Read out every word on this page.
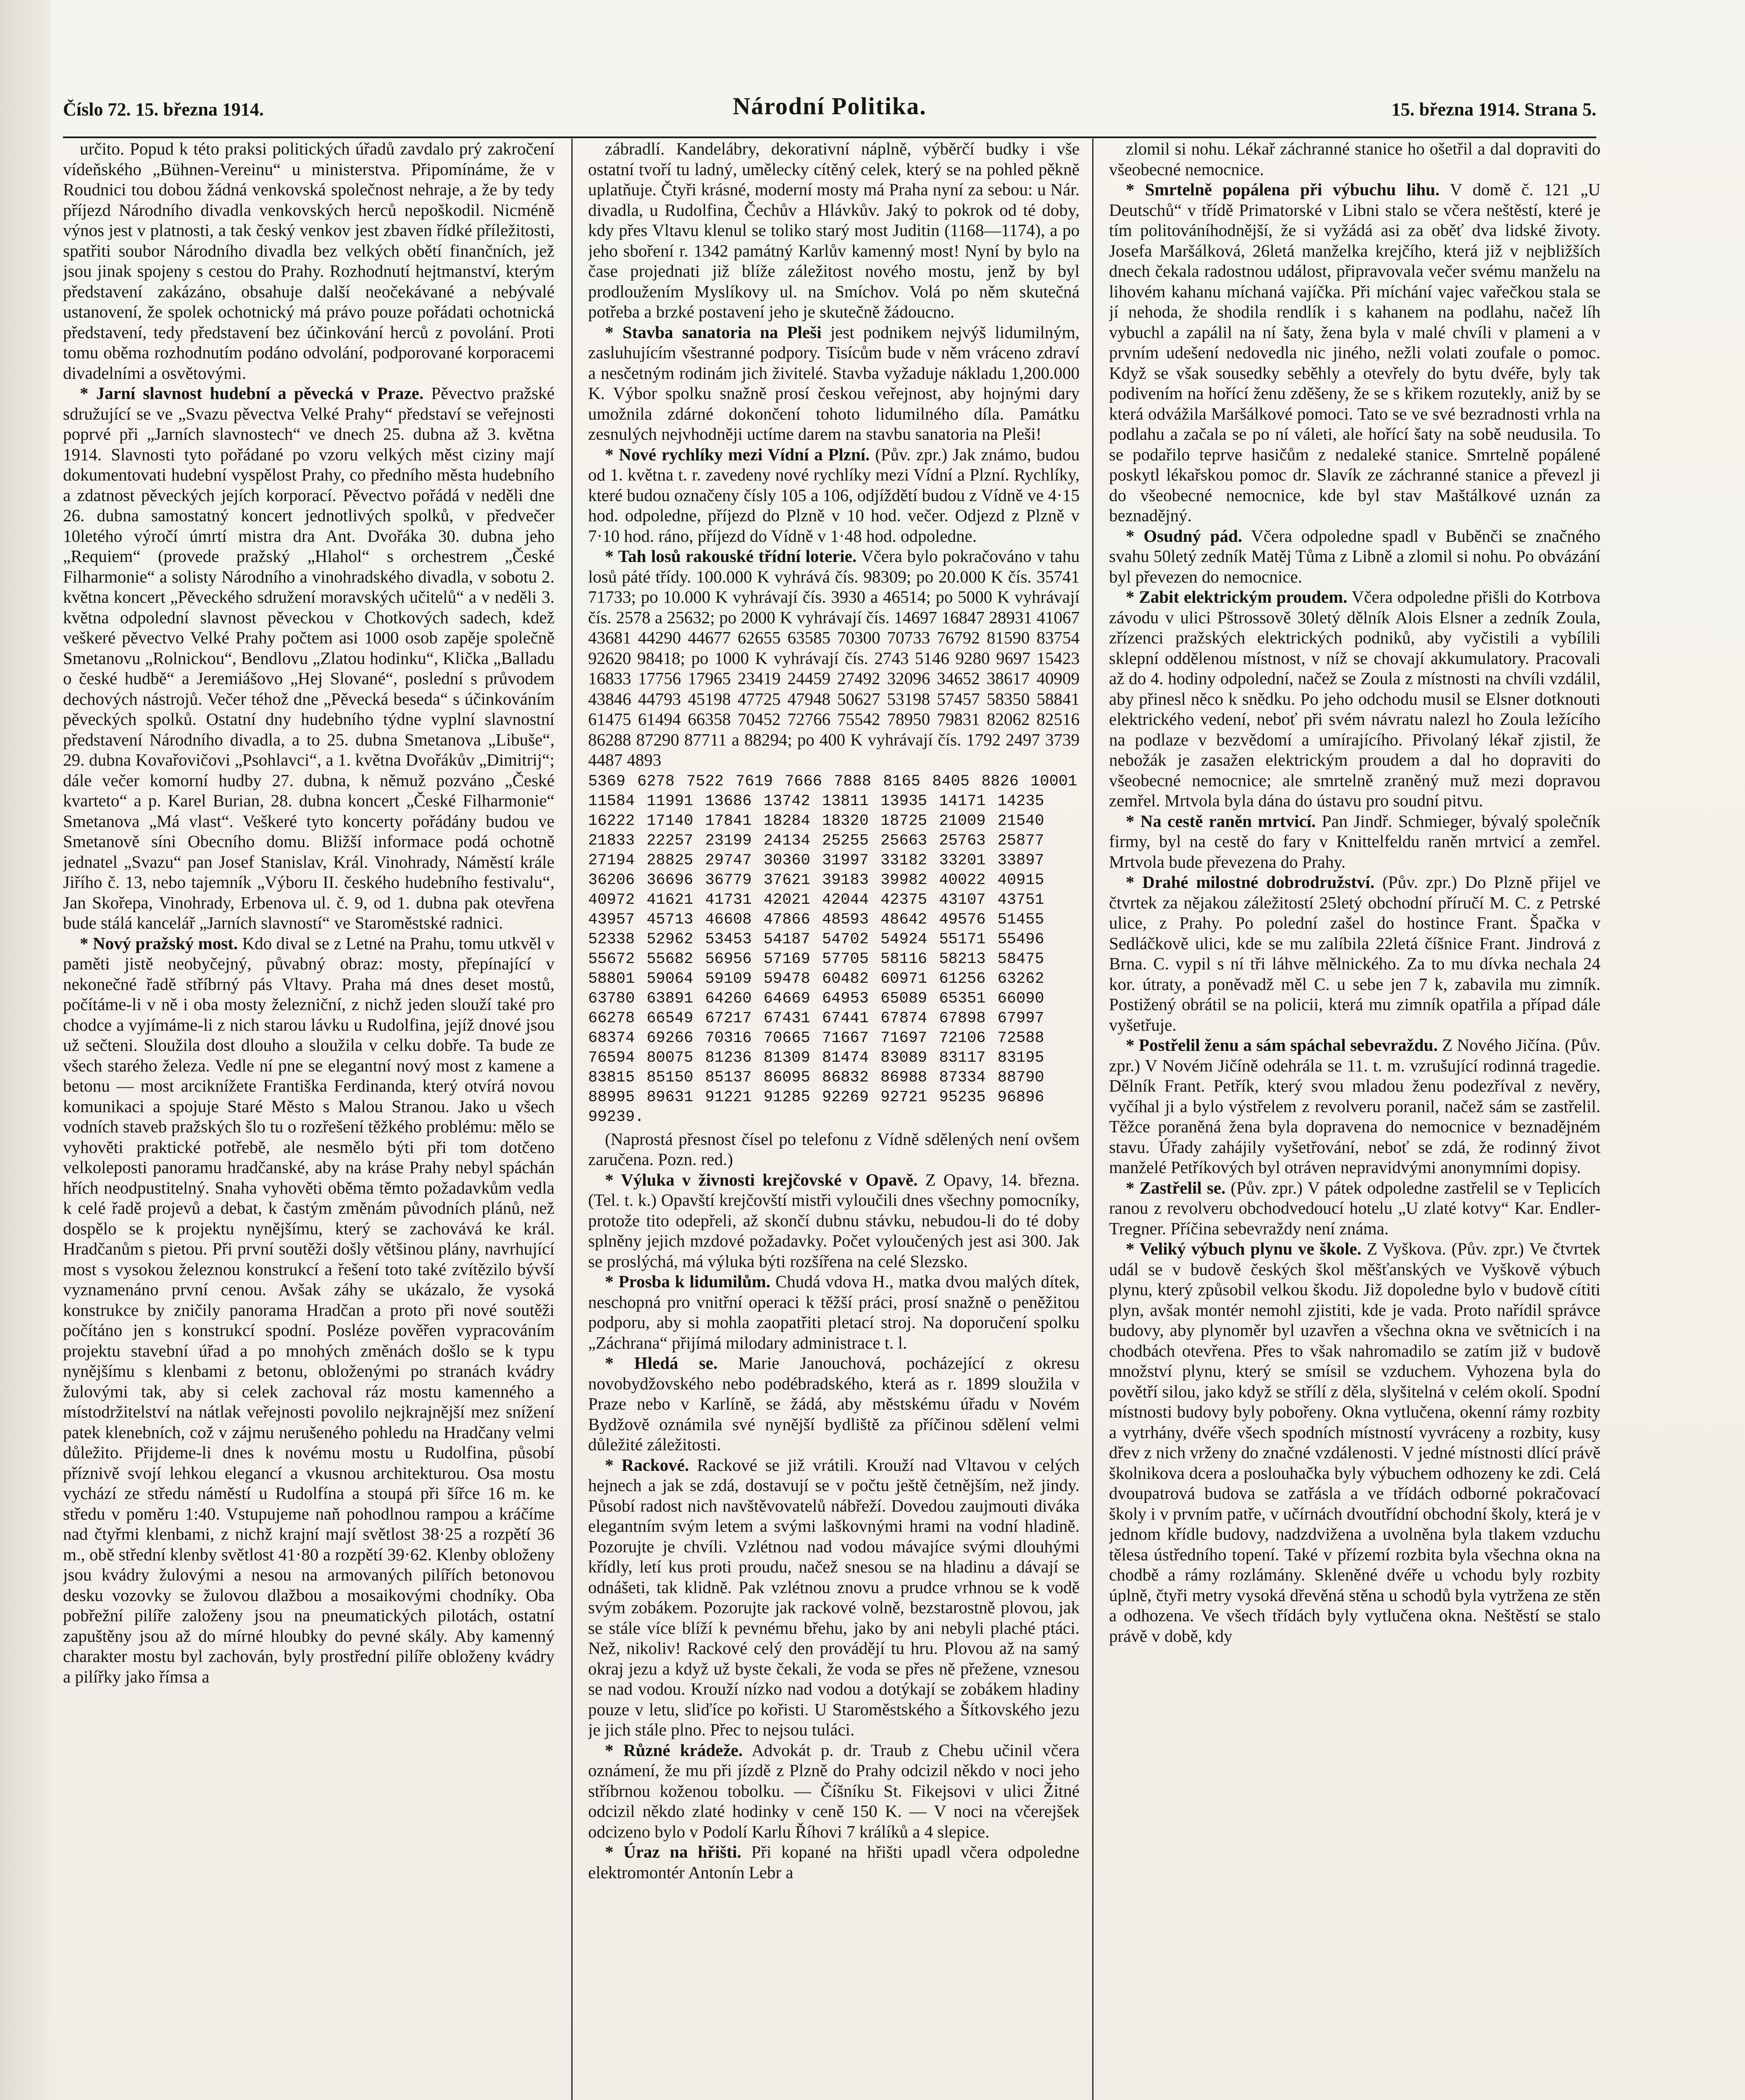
Číslo 72. 15. března 1914.	Národní Politika.	15. března 1914. Strana 5.

určito. Popud k této praksi politických úřadů zavdalo prý zakročení vídeňského „Bühnen-Vereinu“ u ministerstva. Připomínáme, že v Roudnici tou dobou žádná venkovská společnost nehraje, a že by tedy příjezd Národního divadla venkovských herců nepoškodil. Nicméně výnos jest v platnosti, a tak český venkov jest zbaven řídké příležitosti, spatřiti soubor Národního divadla bez velkých obětí finančních, jež jsou jinak spojeny s cestou do Prahy. Rozhodnutí hejtmanství, kterým představení zakázáno, obsahuje další neočekávané a nebývalé ustanovení, že spolek ochotnický má právo pouze pořádati ochotnická představení, tedy představení bez účinkování herců z povolání. Proti tomu oběma rozhodnutím podáno odvolání, podporované korporacemi divadelními a osvětovými.

* Jarní slavnost hudební a pěvecká v Praze. Pěvectvo pražské sdružující se ve „Svazu pěvectva Velké Prahy“ představí se veřejnosti poprvé při „Jarních slavnostech“ ve dnech 25. dubna až 3. května 1914. Slavnosti tyto pořádané po vzoru velkých měst ciziny mají dokumentovati hudební vyspělost Prahy, co předního města hudebního a zdatnost pěveckých jejích korporací. Pěvectvo pořádá v neděli dne 26. dubna samostatný koncert jednotlivých spolků, v předvečer 10letého výročí úmrtí mistra dra Ant. Dvořáka 30. dubna jeho „Requiem“ (provede pražský „Hlahol“ s orchestrem „České Filharmonie“ a solisty Národního a vinohradského divadla, v sobotu 2. května koncert „Pěveckého sdružení moravských učitelů“ a v neděli 3. května odpolední slavnost pěveckou v Chotkových sadech, kdež veškeré pěvectvo Velké Prahy počtem asi 1000 osob zapěje společně Smetanovu „Rolnickou“, Bendlovu „Zlatou hodinku“, Klička „Balladu o české hudbě“ a Jeremiášovo „Hej Slované“, poslední s průvodem dechových nástrojů. Večer téhož dne „Pěvecká beseda“ s účinkováním pěveckých spolků. Ostatní dny hudebního týdne vyplní slavnostní představení Národního divadla, a to 25. dubna Smetanova „Libuše“, 29. dubna Kovařovičovi „Psohlavci“, a 1. května Dvořákův „Dimitrij“; dále večer komorní hudby 27. dubna, k němuž pozváno „České kvarteto“ a p. Karel Burian, 28. dubna koncert „České Filharmonie“ Smetanova „Má vlast“. Veškeré tyto koncerty pořádány budou ve Smetanově síni Obecního domu. Bližší informace podá ochotně jednatel „Svazu“ pan Josef Stanislav, Král. Vinohrady, Náměstí krále Jiřího č. 13, nebo tajemník „Výboru II. českého hudebního festivalu“, Jan Skořepa, Vinohrady, Erbenova ul. č. 9, od 1. dubna pak otevřena bude stálá kancelář „Jarních slavností“ ve Staroměstské radnici.

* Nový pražský most. Kdo dival se z Letné na Prahu, tomu utkvěl v paměti jistě neobyčejný, půvabný obraz: mosty, přepínající v nekonečné řadě stříbrný pás Vltavy. Praha má dnes deset mostů, počítáme-li v ně i oba mosty železniční, z nichž jeden slouží také pro chodce a vyjímáme-li z nich starou lávku u Rudolfina, jejíž dnové jsou už sečteni. Sloužila dost dlouho a sloužila v celku dobře. Ta bude ze všech starého železa. Vedle ní pne se elegantní nový most z kamene a betonu — most arciknížete Františka Ferdinanda, který otvírá novou komunikaci a spojuje Staré Město s Malou Stranou. Jako u všech vodních staveb pražských šlo tu o rozřešení těžkého problému: mělo se vyhověti praktické potřebě, ale nesmělo býti při tom dotčeno velkoleposti panoramu hradčanské, aby na kráse Prahy nebyl spáchán hřích neodpustitelný. Snaha vyhověti oběma těmto požadavkům vedla k celé řadě projevů a debat, k častým změnám původních plánů, než dospělo se k projektu nynějšímu, který se zachovává ke král. Hradčanům s pietou. Při první soutěži došly většinou plány, navrhující most s vysokou železnou konstrukcí a řešení toto také zvítězilo bývší vyznamenáno první cenou. Avšak záhy se ukázalo, že vysoká konstrukce by zničily panorama Hradčan a proto při nové soutěži počítáno jen s konstrukcí spodní. Posléze pověřen vypracováním projektu stavební úřad a po mnohých změnách došlo se k typu nynějšímu s klenbami z betonu, obloženými po stranách kvádry žulovými tak, aby si celek zachoval ráz mostu kamenného a místodržitelství na nátlak veřejnosti povolilo nejkrajnější mez snížení patek klenebních, což v zájmu nerušeného pohledu na Hradčany velmi důležito. Přijdeme-li dnes k novému mostu u Rudolfina, působí příznivě svojí lehkou elegancí a vkusnou architekturou. Osa mostu vychází ze středu náměstí u Rudolfína a stoupá při šířce 16 m. ke středu v poměru 1:40. Vstupujeme naň pohodlnou rampou a kráčíme nad čtyřmi klenbami, z nichž krajní mají světlost 38·25 a rozpětí 36 m., obě střední klenby světlost 41·80 a rozpětí 39·62. Klenby obloženy jsou kvádry žulovými a nesou na armovaných pilířích betonovou desku vozovky se žulovou dlažbou a mosaikovými chodníky. Oba pobřežní pilíře založeny jsou na pneumatických pilotách, ostatní zapuštěny jsou až do mírné hloubky do pevné skály. Aby kamenný charakter mostu byl zachován, byly prostřední pilíře obloženy kvádry a pilířky jako římsa a

zábradlí. Kandelábry, dekorativní náplně, výběrčí budky i vše ostatní tvoří tu ladný, umělecky cítěný celek, který se na pohled pěkně uplatňuje. Čtyři krásné, moderní mosty má Praha nyní za sebou: u Nár. divadla, u Rudolfina, Čechův a Hlávkův. Jaký to pokrok od té doby, kdy přes Vltavu klenul se toliko starý most Juditin (1168—1174), a po jeho sboření r. 1342 památný Karlův kamenný most! Nyní by bylo na čase projednati již blíže záležitost nového mostu, jenž by byl prodloužením Myslíkovy ul. na Smíchov. Volá po něm skutečná potřeba a brzké postavení jeho je skutečně žádoucno.

* Stavba sanatoria na Pleši jest podnikem nejvýš lidumilným, zasluhujícím všestranné podpory. Tisícům bude v něm vráceno zdraví a nesčetným rodinám jich živitelé. Stavba vyžaduje nákladu 1,200.000 K. Výbor spolku snažně prosí českou veřejnost, aby hojnými dary umožnila zdárné dokončení tohoto lidumilného díla. Památku zesnulých nejvhodněji uctíme darem na stavbu sanatoria na Pleši!

* Nové rychlíky mezi Vídní a Plzní. (Pův. zpr.) Jak známo, budou od 1. května t. r. zavedeny nové rychlíky mezi Vídní a Plzní. Rychlíky, které budou označeny čísly 105 a 106, odjíždětí budou z Vídně ve 4·15 hod. odpoledne, příjezd do Plzně v 10 hod. večer. Odjezd z Plzně v 7·10 hod. ráno, příjezd do Vídně v 1·48 hod. odpoledne.

* Tah losů rakouské třídní loterie. Včera bylo pokračováno v tahu losů páté třídy. 100.000 K vyhrává čís. 98309; po 20.000 K čís. 35741 71733; po 10.000 K vyhrávají čís. 3930 a 46514; po 5000 K vyhrávají čís. 2578 a 25632; po 2000 K vyhrávají čís. 14697 16847 28931 41067 43681 44290 44677 62655 63585 70300 70733 76792 81590 83754 92620 98418; po 1000 K vyhrávají čís. 2743 5146 9280 9697 15423 16833 17756 17965 23419 24459 27492 32096 34652 38617 40909 43846 44793 45198 47725 47948 50627 53198 57457 58350 58841 61475 61494 66358 70452 72766 75542 78950 79831 82062 82516 86288 87290 87711 a 88294; po 400 K vyhrávají čís. 1792 2497 3739 4487 4893

5369 6278 7522 7619 7666 7888 8165 8405 8826 10001
11584 11991 13686 13742 13811 13935 14171 14235
16222 17140 17841 18284 18320 18725 21009 21540
21833 22257 23199 24134 25255 25663 25763 25877
27194 28825 29747 30360 31997 33182 33201 33897
36206 36696 36779 37621 39183 39982 40022 40915
40972 41621 41731 42021 42044 42375 43107 43751
43957 45713 46608 47866 48593 48642 49576 51455
52338 52962 53453 54187 54702 54924 55171 55496
55672 55682 56956 57169 57705 58116 58213 58475
58801 59064 59109 59478 60482 60971 61256 63262
63780 63891 64260 64669 64953 65089 65351 66090
66278 66549 67217 67431 67441 67874 67898 67997
68374 69266 70316 70665 71667 71697 72106 72588
76594 80075 81236 81309 81474 83089 83117 83195
83815 85150 85137 86095 86832 86988 87334 88790
88995 89631 91221 91285 92269 92721 95235 96896
99239.

(Naprostá přesnost čísel po telefonu z Vídně sdělených není ovšem zaručena. Pozn. red.)

* Výluka v živnosti krejčovské v Opavě. Z Opavy, 14. března. (Tel. t. k.) Opavští krejčovští mistři vyloučili dnes všechny pomocníky, protože tito odepřeli, až skončí dubnu stávku, nebudou-li do té doby splněny jejich mzdové požadavky. Počet vyloučených jest asi 300. Jak se proslýchá, má výluka býti rozšířena na celé Slezsko.

* Prosba k lidumilům. Chudá vdova H., matka dvou malých dítek, neschopná pro vnitřní operaci k těžší práci, prosí snažně o peněžitou podporu, aby si mohla zaopatřiti pletací stroj. Na doporučení spolku „Záchrana“ přijímá milodary administrace t. l.

* Hledá se. Marie Janouchová, pocházející z okresu novobydžovského nebo podébradského, která as r. 1899 sloužila v Praze nebo v Karlíně, se žádá, aby městskému úřadu v Novém Bydžově oznámila své nynější bydliště za příčinou sdělení velmi důležité záležitosti.

* Rackové. Rackové se již vrátili. Krouží nad Vltavou v celých hejnech a jak se zdá, dostavují se v počtu ještě četnějším, než jindy. Působí radost nich navštěvovatelů nábřeží. Dovedou zaujmouti diváka elegantním svým letem a svými laškovnými hrami na vodní hladině. Pozorujte je chvíli. Vzlétnou nad vodou mávajíce svými dlouhými křídly, letí kus proti proudu, načež snesou se na hladinu a dávají se odnášeti, tak klidně. Pak vzlétnou znovu a prudce vrhnou se k vodě svým zobákem. Pozorujte jak rackové volně, bezstarostně plovou, jak se stále více blíží k pevnému břehu, jako by ani nebyli plaché ptáci. Než, nikoliv! Rackové celý den provádějí tu hru. Plovou až na samý okraj jezu a když už byste čekali, že voda se přes ně přežene, vznesou se nad vodou. Krouží nízko nad vodou a dotýkají se zobákem hladiny pouze v letu, sliďíce po kořisti. U Staroměstského a Šítkovského jezu je jich stále plno. Přec to nejsou tuláci.

* Různé krádeže. Advokát p. dr. Traub z Chebu učinil včera oznámení, že mu při jízdě z Plzně do Prahy odcizil někdo v noci jeho stříbrnou koženou tobolku. — Číšníku St. Fikejsovi v ulici Žitné odcizil někdo zlaté hodinky v ceně 150 K. — V noci na včerejšek odcizeno bylo v Podolí Karlu Říhovi 7 králíků a 4 slepice.

* Úraz na hřišti. Při kopané na hřišti upadl včera odpoledne elektromontér Antonín Lebr a

zlomil si nohu. Lékař záchranné stanice ho ošetřil a dal dopraviti do všeobecné nemocnice.

* Smrtelně popálena při výbuchu lihu. V domě č. 121 „U Deutschů“ v třídě Primatorské v Libni stalo se včera neštěstí, které je tím politováníhodnější, že si vyžádá asi za oběť dva lidské životy. Josefa Maršálková, 26letá manželka krejčího, která již v nejbližších dnech čekala radostnou událost, připravovala večer svému manželu na lihovém kahanu míchaná vajíčka. Při míchání vajec vařečkou stala se jí nehoda, že shodila rendlík i s kahanem na podlahu, načež líh vybuchl a zapálil na ní šaty, žena byla v malé chvíli v plameni a v prvním udešení nedovedla nic jiného, nežli volati zoufale o pomoc. Když se však sousedky seběhly a otevřely do bytu dvéře, byly tak podivením na hořící ženu zděšeny, že se s křikem rozutekly, aniž by se která odvážila Maršálkové pomoci. Tato se ve své bezradnosti vrhla na podlahu a začala se po ní váleti, ale hořící šaty na sobě neudusila. To se podařilo teprve hasičům z nedaleké stanice. Smrtelně popálené poskytl lékařskou pomoc dr. Slavík ze záchranné stanice a převezl ji do všeobecné nemocnice, kde byl stav Maštálkové uznán za beznadějný.

* Osudný pád. Včera odpoledne spadl v Buběnči se značného svahu 50letý zedník Matěj Tůma z Libně a zlomil si nohu. Po obvázání byl převezen do nemocnice.

* Zabit elektrickým proudem. Včera odpoledne přišli do Kotrbova závodu v ulici Pštrossově 30letý dělník Alois Elsner a zedník Zoula, zřízenci pražských elektrických podniků, aby vyčistili a vybílili sklepní oddělenou místnost, v níž se chovají akkumulatory. Pracovali až do 4. hodiny odpolední, načež se Zoula z místnosti na chvíli vzdálil, aby přinesl něco k snědku. Po jeho odchodu musil se Elsner dotknouti elektrického vedení, neboť při svém návratu nalezl ho Zoula ležícího na podlaze v bezvědomí a umírajícího. Přivolaný lékař zjistil, že nebožák je zasažen elektrickým proudem a dal ho dopraviti do všeobecné nemocnice; ale smrtelně zraněný muž mezi dopravou zemřel. Mrtvola byla dána do ústavu pro soudní pitvu.

* Na cestě raněn mrtvicí. Pan Jindř. Schmieger, bývalý společník firmy, byl na cestě do fary v Knittelfeldu raněn mrtvicí a zemřel. Mrtvola bude převezena do Prahy.

* Drahé milostné dobrodružství. (Pův. zpr.) Do Plzně přijel ve čtvrtek za nějakou záležitostí 25letý obchodní příručí M. C. z Petrské ulice, z Prahy. Po polední zašel do hostince Frant. Špačka v Sedláčkově ulici, kde se mu zalíbila 22letá číšnice Frant. Jindrová z Brna. C. vypil s ní tři láhve mělnického. Za to mu dívka nechala 24 kor. útraty, a poněvadž měl C. u sebe jen 7 k, zabavila mu zimník. Postižený obrátil se na policii, která mu zimník opatřila a případ dále vyšetřuje.

* Postřelil ženu a sám spáchal sebevraždu. Z Nového Jičína. (Pův. zpr.) V Novém Jičíně odehrála se 11. t. m. vzrušující rodinná tragedie. Dělník Frant. Petřík, který svou mladou ženu podezříval z nevěry, vyčíhal ji a bylo výstřelem z revolveru poranil, načež sám se zastřelil. Těžce poraněná žena byla dopravena do nemocnice v beznadějném stavu. Úřady zahájily vyšetřování, neboť se zdá, že rodinný život manželé Petříkových byl otráven nepravidvými anonymními dopisy.

* Zastřelil se. (Pův. zpr.) V pátek odpoledne zastřelil se v Teplicích ranou z revolveru obchodvedoucí hotelu „U zlaté kotvy“ Kar. Endler-Tregner. Příčina sebevraždy není známa.

* Veliký výbuch plynu ve škole. Z Vyškova. (Pův. zpr.) Ve čtvrtek udál se v budově českých škol měšťanských ve Vyškově výbuch plynu, který způsobil velkou škodu. Již dopoledne bylo v budově cítiti plyn, avšak montér nemohl zjistiti, kde je vada. Proto nařídil správce budovy, aby plynoměr byl uzavřen a všechna okna ve světnicích i na chodbách otevřena. Přes to však nahromadilo se zatím již v budově množství plynu, který se smísil se vzduchem. Vyhozena byla do povětří silou, jako když se střílí z děla, slyšitelná v celém okolí. Spodní místnosti budovy byly pobořeny. Okna vytlučena, okenní rámy rozbity a vytrhány, dvéře všech spodních místností vyvráceny a rozbity, kusy dřev z nich vrženy do značné vzdálenosti. V jedné místnosti dlící právě školnikova dcera a poslouhačka byly výbuchem odhozeny ke zdi. Celá dvoupatrová budova se zatřásla a ve třídách odborné pokračovací školy i v prvním patře, v učírnách dvoutřídní obchodní školy, která je v jednom křídle budovy, nadzdvižena a uvolněna byla tlakem vzduchu tělesa ústředního topení. Také v přízemí rozbita byla všechna okna na chodbě a rámy rozlámány. Skleněné dvéře u vchodu byly rozbity úplně, čtyři metry vysoká dřevěná stěna u schodů byla vytržena ze stěn a odhozena. Ve všech třídách byly vytlučena okna. Neštěstí se stalo právě v době, kdy
